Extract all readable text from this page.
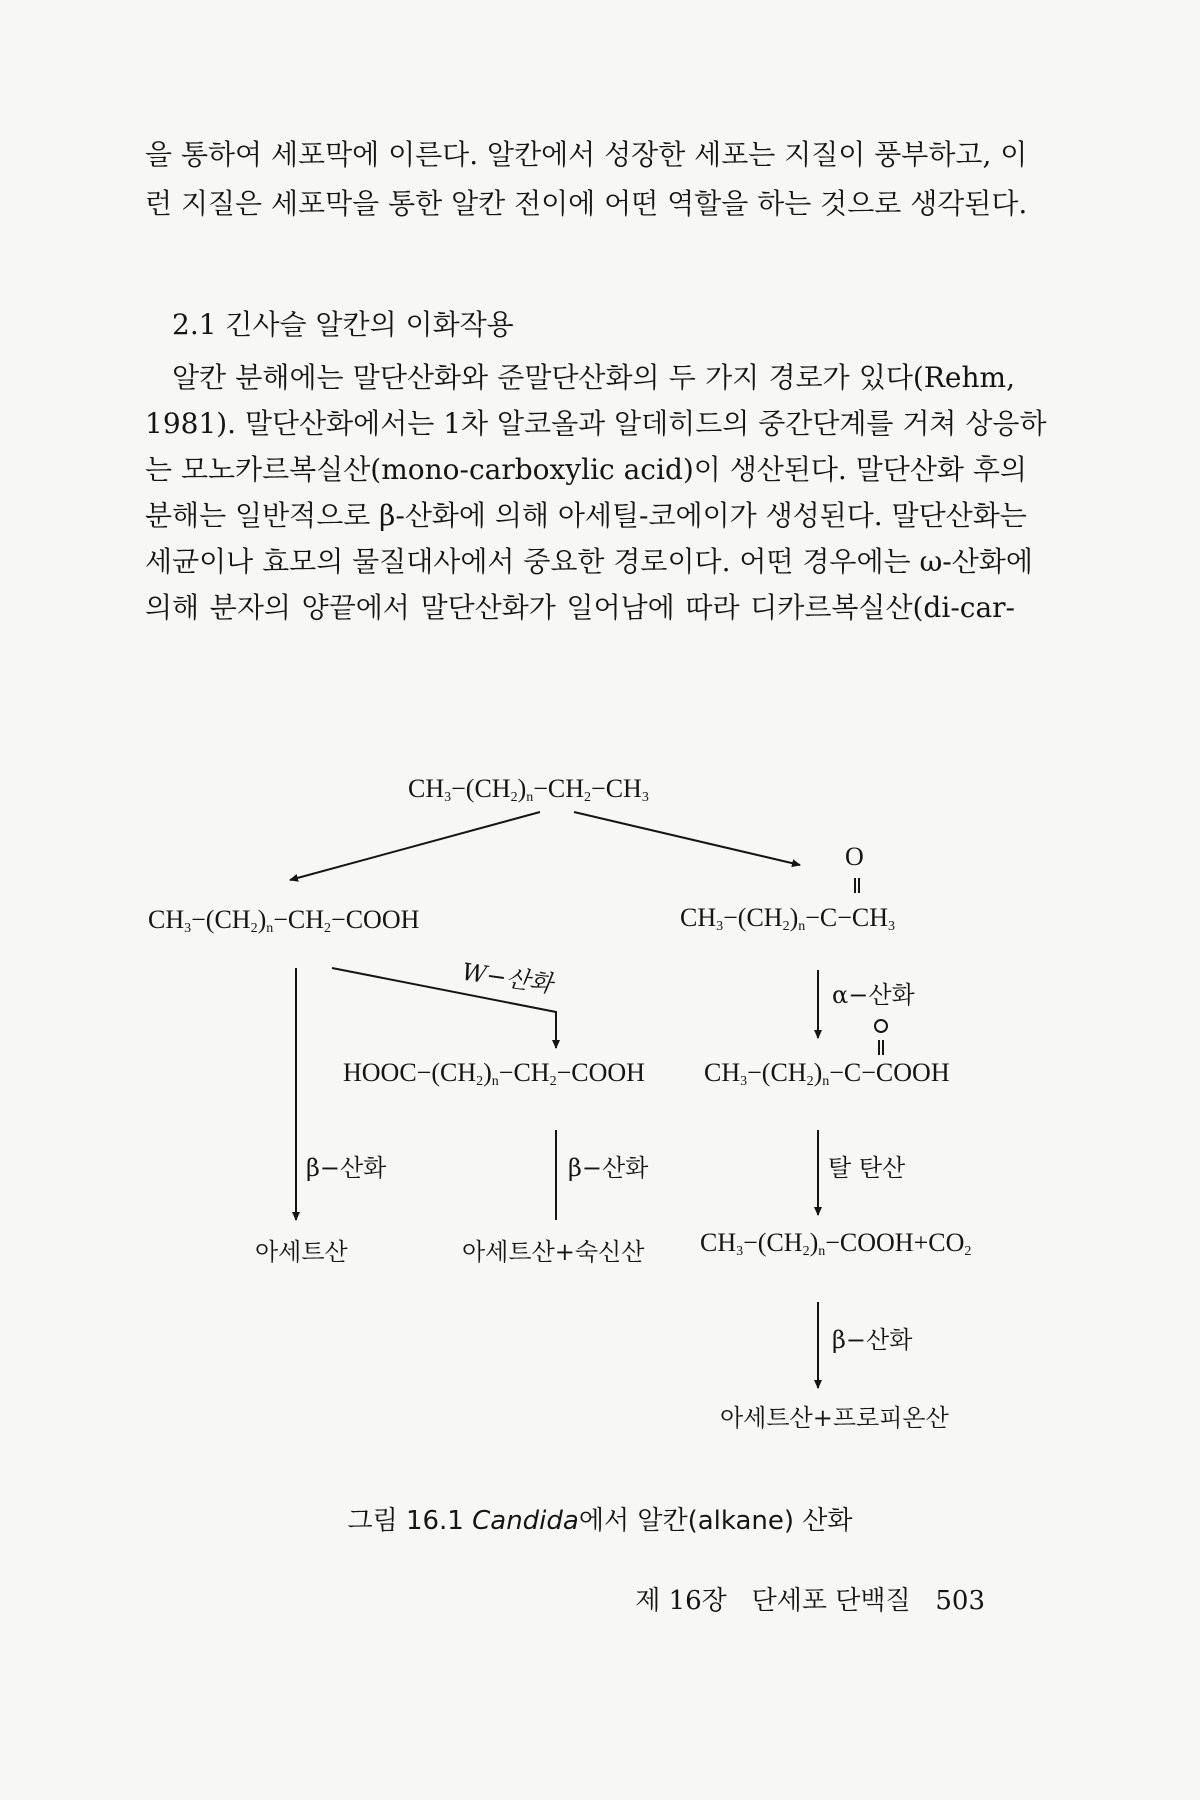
을 통하여 세포막에 이른다. 알칸에서 성장한 세포는 지질이 풍부하고, 이
런 지질은 세포막을 통한 알칸 전이에 어떤 역할을 하는 것으로 생각된다.
2.1 긴사슬 알칸의 이화작용
알칸 분해에는 말단산화와 준말단산화의 두 가지 경로가 있다(Rehm,
1981). 말단산화에서는 1차 알코올과 알데히드의 중간단계를 거쳐 상응하
는 모노카르복실산(mono-carboxylic acid)이 생산된다. 말단산화 후의
분해는 일반적으로 β-산화에 의해 아세틸-코에이가 생성된다. 말단산화는
세균이나 효모의 물질대사에서 중요한 경로이다. 어떤 경우에는 ω-산화에
의해 분자의 양끝에서 말단산화가 일어남에 따라 디카르복실산(di-car-
$CH_3-(CH_2)_n-CH_2-CH_3$
$CH_3-(CH_2)_n-CH_2-COOH$
O
$CH_3-(CH_2)_n-C-CH_3$
W−산화	α−산화
$HOOC-(CH_2)_n-CH_2-COOH$ $CH_3-(CH_2)_n-C-COOH$
β−산화	β−산화	탈 탄산
아세트산	아세트산+숙신산 $CH_3-(CH_2)_n-COOH+CO_2$
β−산화
아세트산+프로피온산
그림 16.1 Candida에서 알칸(alkane) 산화
제 16장 단세포 단백질 503
